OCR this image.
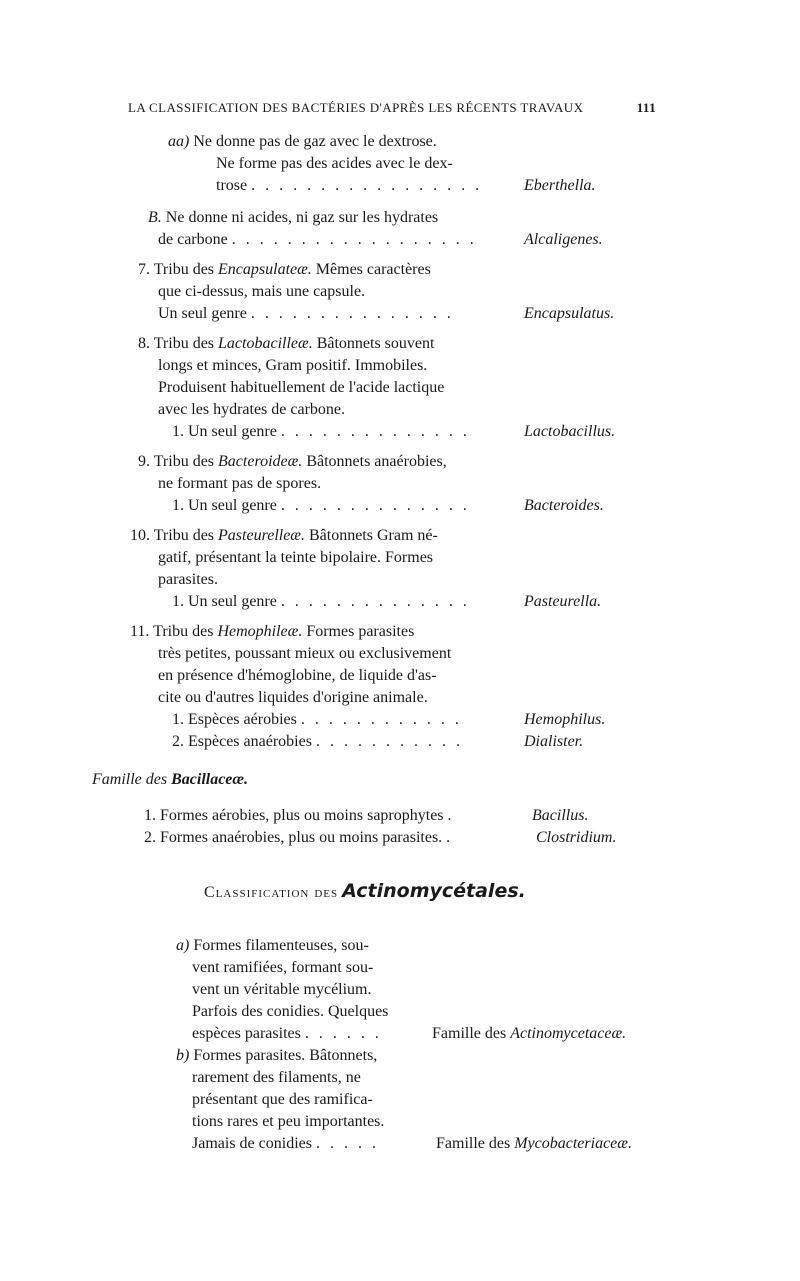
LA CLASSIFICATION DES BACTÉRIES D'APRÈS LES RÉCENTS TRAVAUX	111
aa) Ne donne pas de gaz avec le dextrose.
Ne forme pas des acides avec le dex-
trose . . . . . . . . . . . . . . . . .	Eberthella.
B. Ne donne ni acides, ni gaz sur les hydrates
de carbone . . . . . . . . . . . . . . . . . .	Alcaligenes.
7. Tribu des Encapsulateæ. Mêmes caractères
que ci-dessus, mais une capsule.
Un seul genre . . . . . . . . . . . . . . .	Encapsulatus.
8. Tribu des Lactobacilleæ. Bâtonnets souvent
longs et minces, Gram positif. Immobiles.
Produisent habituellement de l'acide lactique
avec les hydrates de carbone.
1. Un seul genre . . . . . . . . . . . . . .	Lactobacillus.
9. Tribu des Bacteroideæ. Bâtonnets anaérobies,
ne formant pas de spores.
1. Un seul genre . . . . . . . . . . . . . .	Bacteroides.
10. Tribu des Pasteurelleæ. Bâtonnets Gram né-
gatif, présentant la teinte bipolaire. Formes
parasites.
1. Un seul genre . . . . . . . . . . . . . .	Pasteurella.
11. Tribu des Hemophileæ. Formes parasites
très petites, poussant mieux ou exclusivement
en présence d'hémoglobine, de liquide d'as-
cite ou d'autres liquides d'origine animale.
1. Espèces aérobies . . . . . . . . . . . .	Hemophilus.
2. Espèces anaérobies . . . . . . . . . . .	Dialister.
Famille des Bacillaceæ.
1. Formes aérobies, plus ou moins saprophytes .	Bacillus.
2. Formes anaérobies, plus ou moins parasites. .	Clostridium.
Classification des Actinomycétales.
a) Formes filamenteuses, sou-
vent ramifiées, formant sou-
vent un véritable mycélium.
Parfois des conidies. Quelques
espèces parasites . . . . . .	Famille des Actinomycetaceæ.
b) Formes parasites. Bâtonnets,
rarement des filaments, ne
présentant que des ramifica-
tions rares et peu importantes.
Jamais de conidies . . . . .	Famille des Mycobacteriaceæ.
